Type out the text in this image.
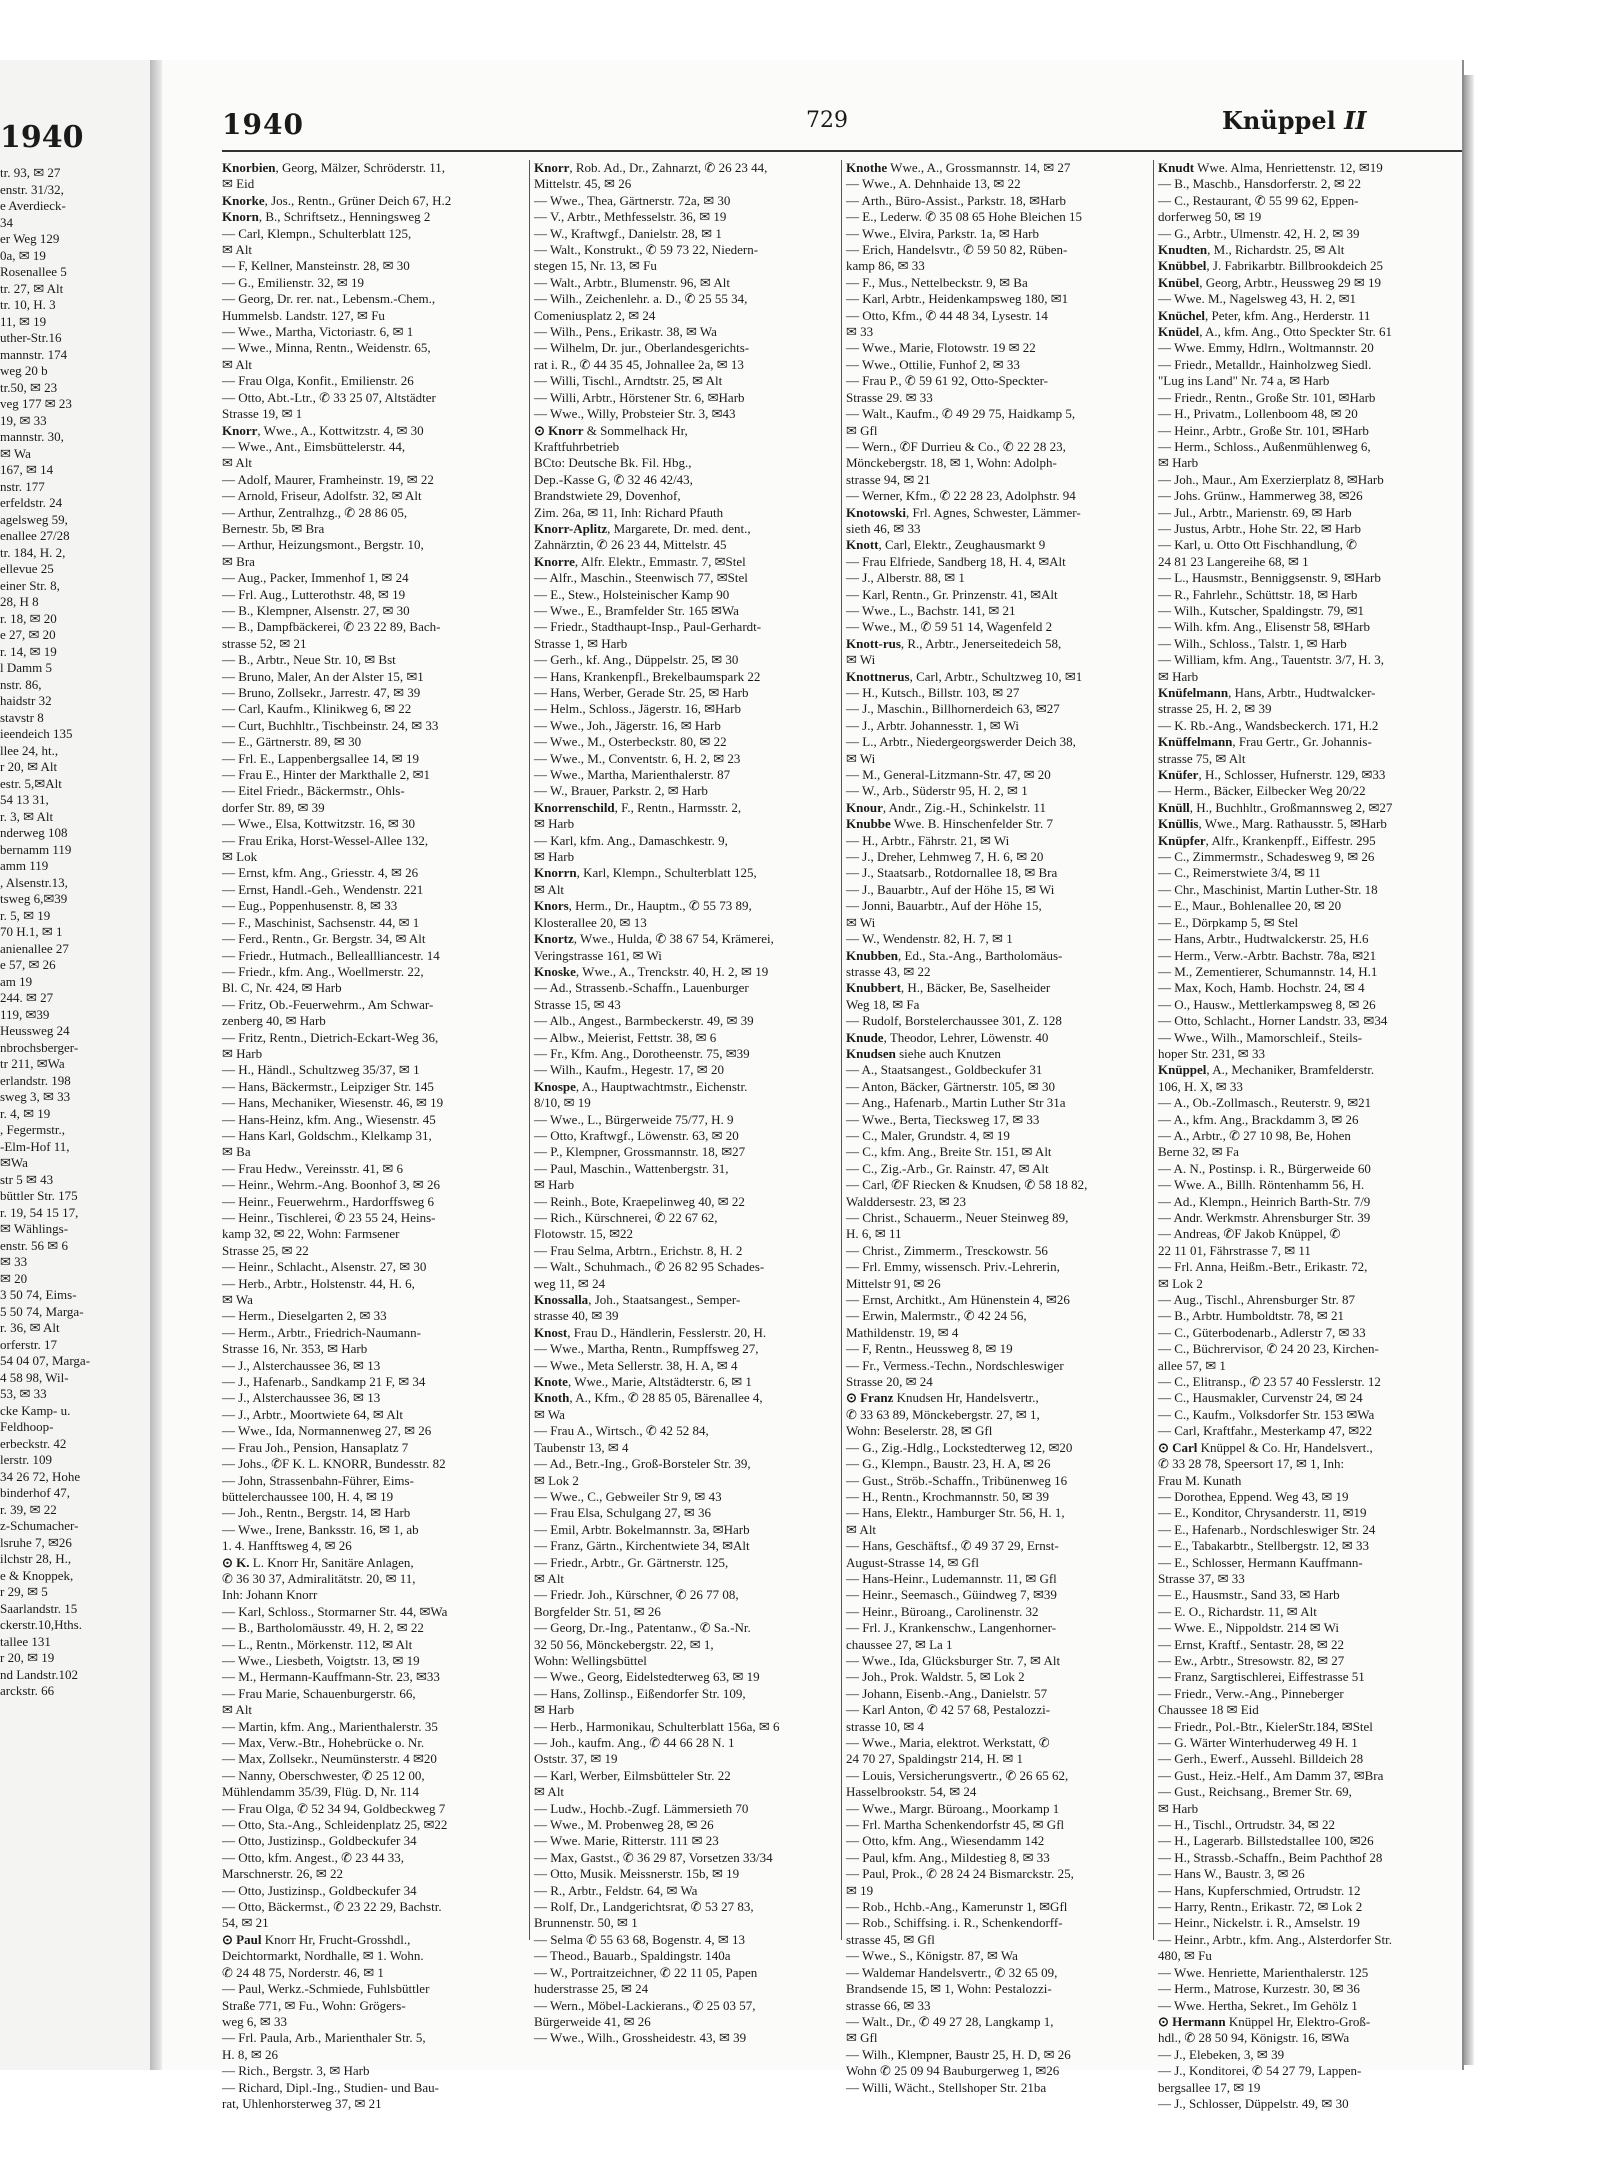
1940
tr. 93, ✉ 27
enstr. 31/32,
e Averdieck-
34
er Weg 129
0a, ✉ 19
Rosenallee 5
tr. 27, ✉ Alt
tr. 10, H. 3
11, ✉ 19
uther-Str.16
mannstr. 174
weg 20 b
tr.50, ✉ 23
veg 177 ✉ 23
19, ✉ 33
mannstr. 30,
✉ Wa
167, ✉ 14
nstr. 177
erfeldstr. 24
agelsweg 59,
enallee 27/28
tr. 184, H. 2,
ellevue 25
einer Str. 8,
28, H 8
r. 18, ✉ 20
e 27, ✉ 20
r. 14, ✉ 19
l Damm 5
nstr. 86,
haidstr 32
stavstr 8
ieendeich 135
llee 24, ht.,
r 20, ✉ Alt
estr. 5,✉Alt
54 13 31,
r. 3, ✉ Alt
nderweg 108
bernamm 119
amm 119
, Alsenstr.13,
tsweg 6,✉39
r. 5, ✉ 19
70 H.1, ✉ 1
anienallee 27
e 57, ✉ 26
am 19
244. ✉ 27
119, ✉39
Heussweg 24
nbrochsberger-
tr 211, ✉Wa
erlandstr. 198
sweg 3, ✉ 33
r. 4, ✉ 19
, Fegermstr.,
-Elm-Hof 11,
✉Wa
str 5 ✉ 43
büttler Str. 175
r. 19, 54 15 17,
✉ Wählings-
enstr. 56 ✉ 6
✉ 33
✉ 20
3 50 74, Eims-
5 50 74, Marga-
r. 36, ✉ Alt
orferstr. 17
54 04 07, Marga-
4 58 98, Wil-
53, ✉ 33
cke Kamp- u.
Feldhoop-
erbeckstr. 42
lerstr. 109
34 26 72, Hohe
binderhof 47,
r. 39, ✉ 22
z-Schumacher-
lsruhe 7, ✉26
ilchstr 28, H.,
e & Knoppek,
r 29, ✉ 5
Saarlandstr. 15
ckerstr.10,Hths.
tallee 131
r 20, ✉ 19
nd Landstr.102
arckstr. 66
1940	729	Knüppel II
Knorbien, Georg, Mälzer, Schröderstr. 11,
✉ Eid
Knorke, Jos., Rentn., Grüner Deich 67, H.2
Knorn, B., Schriftsetz., Henningsweg 2
— Carl, Klempn., Schulterblatt 125,
✉ Alt
— F, Kellner, Mansteinstr. 28, ✉ 30
— G., Emilienstr. 32, ✉ 19
— Georg, Dr. rer. nat., Lebensm.-Chem.,
Hummelsb. Landstr. 127, ✉ Fu
— Wwe., Martha, Victoriastr. 6, ✉ 1
— Wwe., Minna, Rentn., Weidenstr. 65,
✉ Alt
— Frau Olga, Konfit., Emilienstr. 26
— Otto, Abt.-Ltr., ✆ 33 25 07, Altstädter
Strasse 19, ✉ 1
Knorr, Wwe., A., Kottwitzstr. 4, ✉ 30
— Wwe., Ant., Eimsbüttelerstr. 44,
✉ Alt
— Adolf, Maurer, Framheinstr. 19, ✉ 22
— Arnold, Friseur, Adolfstr. 32, ✉ Alt
— Arthur, Zentralhzg., ✆ 28 86 05,
Bernestr. 5b, ✉ Bra
— Arthur, Heizungsmont., Bergstr. 10,
✉ Bra
— Aug., Packer, Immenhof 1, ✉ 24
— Frl. Aug., Lutterothstr. 48, ✉ 19
— B., Klempner, Alsenstr. 27, ✉ 30
— B., Dampfbäckerei, ✆ 23 22 89, Bach-
strasse 52, ✉ 21
— B., Arbtr., Neue Str. 10, ✉ Bst
— Bruno, Maler, An der Alster 15, ✉1
— Bruno, Zollsekr., Jarrestr. 47, ✉ 39
— Carl, Kaufm., Klinikweg 6, ✉ 22
— Curt, Buchhltr., Tischbeinstr. 24, ✉ 33
— E., Gärtnerstr. 89, ✉ 30
— Frl. E., Lappenbergsallee 14, ✉ 19
— Frau E., Hinter der Markthalle 2, ✉1
— Eitel Friedr., Bäckermstr., Ohls-
dorfer Str. 89, ✉ 39
— Wwe., Elsa, Kottwitzstr. 16, ✉ 30
— Frau Erika, Horst-Wessel-Allee 132,
✉ Lok
— Ernst, kfm. Ang., Griesstr. 4, ✉ 26
— Ernst, Handl.-Geh., Wendenstr. 221
— Eug., Poppenhusenstr. 8, ✉ 33
— F., Maschinist, Sachsenstr. 44, ✉ 1
— Ferd., Rentn., Gr. Bergstr. 34, ✉ Alt
— Friedr., Hutmach., Belleallliancestr. 14
— Friedr., kfm. Ang., Woellmerstr. 22,
Bl. C, Nr. 424, ✉ Harb
— Fritz, Ob.-Feuerwehrm., Am Schwar-
zenberg 40, ✉ Harb
— Fritz, Rentn., Dietrich-Eckart-Weg 36,
✉ Harb
— H., Händl., Schultzweg 35/37, ✉ 1
— Hans, Bäckermstr., Leipziger Str. 145
— Hans, Mechaniker, Wiesenstr. 46, ✉ 19
— Hans-Heinz, kfm. Ang., Wiesenstr. 45
— Hans Karl, Goldschm., Klelkamp 31,
✉ Ba
— Frau Hedw., Vereinsstr. 41, ✉ 6
— Heinr., Wehrm.-Ang. Boonhof 3, ✉ 26
— Heinr., Feuerwehrm., Hardorffsweg 6
— Heinr., Tischlerei, ✆ 23 55 24, Heins-
kamp 32, ✉ 22, Wohn: Farmsener
Strasse 25, ✉ 22
— Heinr., Schlacht., Alsenstr. 27, ✉ 30
— Herb., Arbtr., Holstenstr. 44, H. 6,
✉ Wa
— Herm., Dieselgarten 2, ✉ 33
— Herm., Arbtr., Friedrich-Naumann-
Strasse 16, Nr. 353, ✉ Harb
— J., Alsterchaussee 36, ✉ 13
— J., Hafenarb., Sandkamp 21 F, ✉ 34
— J., Alsterchaussee 36, ✉ 13
— J., Arbtr., Moortwiete 64, ✉ Alt
— Wwe., Ida, Normannenweg 27, ✉ 26
— Frau Joh., Pension, Hansaplatz 7
— Johs., ✆F K. L. KNORR, Bundesstr. 82
— John, Strassenbahn-Führer, Eims-
büttelerchaussee 100, H. 4, ✉ 19
— Joh., Rentn., Bergstr. 14, ✉ Harb
— Wwe., Irene, Banksstr. 16, ✉ 1, ab
1. 4. Hanfftsweg 4, ✉ 26
⊙ K. L. Knorr Hr, Sanitäre Anlagen,
✆ 36 30 37, Admiralitätstr. 20, ✉ 11,
Inh: Johann Knorr
— Karl, Schloss., Stormarner Str. 44, ✉Wa
— B., Bartholomäusstr. 49, H. 2, ✉ 22
— L., Rentn., Mörkenstr. 112, ✉ Alt
— Wwe., Liesbeth, Voigtstr. 13, ✉ 19
— M., Hermann-Kauffmann-Str. 23, ✉33
— Frau Marie, Schauenburgerstr. 66,
✉ Alt
— Martin, kfm. Ang., Marienthalerstr. 35
— Max, Verw.-Btr., Hohebrücke o. Nr.
— Max, Zollsekr., Neumünsterstr. 4 ✉20
— Nanny, Oberschwester, ✆ 25 12 00,
Mühlendamm 35/39, Flüg. D, Nr. 114
— Frau Olga, ✆ 52 34 94, Goldbeckweg 7
— Otto, Sta.-Ang., Schleidenplatz 25, ✉22
— Otto, Justizinsp., Goldbeckufer 34
— Otto, kfm. Angest., ✆ 23 44 33,
Marschnerstr. 26, ✉ 22
— Otto, Justizinsp., Goldbeckufer 34
— Otto, Bäckermst., ✆ 23 22 29, Bachstr.
54, ✉ 21
⊙ Paul Knorr Hr, Frucht-Grosshdl.,
Deichtormarkt, Nordhalle, ✉ 1. Wohn.
✆ 24 48 75, Norderstr. 46, ✉ 1
— Paul, Werkz.-Schmiede, Fuhlsbüttler
Straße 771, ✉ Fu., Wohn: Grögers-
weg 6, ✉ 33
— Frl. Paula, Arb., Marienthaler Str. 5,
H. 8, ✉ 26
— Rich., Bergstr. 3, ✉ Harb
— Richard, Dipl.-Ing., Studien- und Bau-
rat, Uhlenhorsterweg 37, ✉ 21
Knorr, Rob. Ad., Dr., Zahnarzt, ✆ 26 23 44,
Mittelstr. 45, ✉ 26
— Wwe., Thea, Gärtnerstr. 72a, ✉ 30
— V., Arbtr., Methfesselstr. 36, ✉ 19
— W., Kraftwgf., Danielstr. 28, ✉ 1
— Walt., Konstrukt., ✆ 59 73 22, Niedern-
stegen 15, Nr. 13, ✉ Fu
— Walt., Arbtr., Blumenstr. 96, ✉ Alt
— Wilh., Zeichenlehr. a. D., ✆ 25 55 34,
Comeniusplatz 2, ✉ 24
— Wilh., Pens., Erikastr. 38, ✉ Wa
— Wilhelm, Dr. jur., Oberlandesgerichts-
rat i. R., ✆ 44 35 45, Johnallee 2a, ✉ 13
— Willi, Tischl., Arndtstr. 25, ✉ Alt
— Willi, Arbtr., Hörstener Str. 6, ✉Harb
— Wwe., Willy, Probsteier Str. 3, ✉43
⊙ Knorr & Sommelhack Hr,
Kraftfuhrbetrieb
BCto: Deutsche Bk. Fil. Hbg.,
Dep.-Kasse G, ✆ 32 46 42/43,
Brandstwiete 29, Dovenhof,
Zim. 26a, ✉ 11, Inh: Richard Pfauth
Knorr-Aplitz, Margarete, Dr. med. dent.,
Zahnärztin, ✆ 26 23 44, Mittelstr. 45
Knorre, Alfr. Elektr., Emmastr. 7, ✉Stel
— Alfr., Maschin., Steenwisch 77, ✉Stel
— E., Stew., Holsteinischer Kamp 90
— Wwe., E., Bramfelder Str. 165 ✉Wa
— Friedr., Stadthaupt-Insp., Paul-Gerhardt-
Strasse 1, ✉ Harb
— Gerh., kf. Ang., Düppelstr. 25, ✉ 30
— Hans, Krankenpfl., Brekelbaumspark 22
— Hans, Werber, Gerade Str. 25, ✉ Harb
— Helm., Schloss., Jägerstr. 16, ✉Harb
— Wwe., Joh., Jägerstr. 16, ✉ Harb
— Wwe., M., Osterbeckstr. 80, ✉ 22
— Wwe., M., Conventstr. 6, H. 2, ✉ 23
— Wwe., Martha, Marienthalerstr. 87
— W., Brauer, Parkstr. 2, ✉ Harb
Knorrenschild, F., Rentn., Harmsstr. 2,
✉ Harb
— Karl, kfm. Ang., Damaschkestr. 9,
✉ Harb
Knorrn, Karl, Klempn., Schulterblatt 125,
✉ Alt
Knors, Herm., Dr., Hauptm., ✆ 55 73 89,
Klosterallee 20, ✉ 13
Knortz, Wwe., Hulda, ✆ 38 67 54, Krämerei,
Veringstrasse 161, ✉ Wi
Knoske, Wwe., A., Trenckstr. 40, H. 2, ✉ 19
— Ad., Strassenb.-Schaffn., Lauenburger
Strasse 15, ✉ 43
— Alb., Angest., Barmbeckerstr. 49, ✉ 39
— Albw., Meierist, Fettstr. 38, ✉ 6
— Fr., Kfm. Ang., Dorotheenstr. 75, ✉39
— Wilh., Kaufm., Hegestr. 17, ✉ 20
Knospe, A., Hauptwachtmstr., Eichenstr.
8/10, ✉ 19
— Wwe., L., Bürgerweide 75/77, H. 9
— Otto, Kraftwgf., Löwenstr. 63, ✉ 20
— P., Klempner, Grossmannstr. 18, ✉27
— Paul, Maschin., Wattenbergstr. 31,
✉ Harb
— Reinh., Bote, Kraepelinweg 40, ✉ 22
— Rich., Kürschnerei, ✆ 22 67 62,
Flotowstr. 15, ✉22
— Frau Selma, Arbtrn., Erichstr. 8, H. 2
— Walt., Schuhmach., ✆ 26 82 95 Schades-
weg 11, ✉ 24
Knossalla, Joh., Staatsangest., Semper-
strasse 40, ✉ 39
Knost, Frau D., Händlerin, Fesslerstr. 20, H.
— Wwe., Martha, Rentn., Rumpffsweg 27,
— Wwe., Meta Sellerstr. 38, H. A, ✉ 4
Knote, Wwe., Marie, Altstädterstr. 6, ✉ 1
Knoth, A., Kfm., ✆ 28 85 05, Bärenallee 4,
✉ Wa
— Frau A., Wirtsch., ✆ 42 52 84,
Taubenstr 13, ✉ 4
— Ad., Betr.-Ing., Groß-Borsteler Str. 39,
✉ Lok 2
— Wwe., C., Gebweiler Str 9, ✉ 43
— Frau Elsa, Schulgang 27, ✉ 36
— Emil, Arbtr. Bokelmannstr. 3a, ✉Harb
— Franz, Gärtn., Kirchentwiete 34, ✉Alt
— Friedr., Arbtr., Gr. Gärtnerstr. 125,
✉ Alt
— Friedr. Joh., Kürschner, ✆ 26 77 08,
Borgfelder Str. 51, ✉ 26
— Georg, Dr.-Ing., Patentanw., ✆ Sa.-Nr.
32 50 56, Mönckebergstr. 22, ✉ 1,
Wohn: Wellingsbüttel
— Wwe., Georg, Eidelstedterweg 63, ✉ 19
— Hans, Zollinsp., Eißendorfer Str. 109,
✉ Harb
— Herb., Harmonikau, Schulterblatt 156a, ✉ 6
— Joh., kaufm. Ang., ✆ 44 66 28 N. 1
Oststr. 37, ✉ 19
— Karl, Werber, Eilmsbütteler Str. 22
✉ Alt
— Ludw., Hochb.-Zugf. Lämmersieth 70
— Wwe., M. Probenweg 28, ✉ 26
— Wwe. Marie, Ritterstr. 111 ✉ 23
— Max, Gastst., ✆ 36 29 87, Vorsetzen 33/34
— Otto, Musik. Meissnerstr. 15b, ✉ 19
— R., Arbtr., Feldstr. 64, ✉ Wa
— Rolf, Dr., Landgerichtsrat, ✆ 53 27 83,
Brunnenstr. 50, ✉ 1
— Selma ✆ 55 63 68, Bogenstr. 4, ✉ 13
— Theod., Bauarb., Spaldingstr. 140a
— W., Portraitzeichner, ✆ 22 11 05, Papen
huderstrasse 25, ✉ 24
— Wern., Möbel-Lackierans., ✆ 25 03 57,
Bürgerweide 41, ✉ 26
— Wwe., Wilh., Grossheidestr. 43, ✉ 39
Knothe Wwe., A., Grossmannstr. 14, ✉ 27
— Wwe., A. Dehnhaide 13, ✉ 22
— Arth., Büro-Assist., Parkstr. 18, ✉Harb
— E., Lederw. ✆ 35 08 65 Hohe Bleichen 15
— Wwe., Elvira, Parkstr. 1a, ✉ Harb
— Erich, Handelsvtr., ✆ 59 50 82, Rüben-
kamp 86, ✉ 33
— F., Mus., Nettelbeckstr. 9, ✉ Ba
— Karl, Arbtr., Heidenkampsweg 180, ✉1
— Otto, Kfm., ✆ 44 48 34, Lysestr. 14
✉ 33
— Wwe., Marie, Flotowstr. 19 ✉ 22
— Wwe., Ottilie, Funhof 2, ✉ 33
— Frau P., ✆ 59 61 92, Otto-Speckter-
Strasse 29. ✉ 33
— Walt., Kaufm., ✆ 49 29 75, Haidkamp 5,
✉ Gfl
— Wern., ✆F Durrieu & Co., ✆ 22 28 23,
Mönckebergstr. 18, ✉ 1, Wohn: Adolph-
strasse 94, ✉ 21
— Werner, Kfm., ✆ 22 28 23, Adolphstr. 94
Knotowski, Frl. Agnes, Schwester, Lämmer-
sieth 46, ✉ 33
Knott, Carl, Elektr., Zeughausmarkt 9
— Frau Elfriede, Sandberg 18, H. 4, ✉Alt
— J., Alberstr. 88, ✉ 1
— Karl, Rentn., Gr. Prinzenstr. 41, ✉Alt
— Wwe., L., Bachstr. 141, ✉ 21
— Wwe., M., ✆ 59 51 14, Wagenfeld 2
Knott-rus, R., Arbtr., Jenerseitedeich 58,
✉ Wi
Knottnerus, Carl, Arbtr., Schultzweg 10, ✉1
— H., Kutsch., Billstr. 103, ✉ 27
— J., Maschin., Billhornerdeich 63, ✉27
— J., Arbtr. Johannesstr. 1, ✉ Wi
— L., Arbtr., Niedergeorgswerder Deich 38,
✉ Wi
— M., General-Litzmann-Str. 47, ✉ 20
— W., Arb., Süderstr 95, H. 2, ✉ 1
Knour, Andr., Zig.-H., Schinkelstr. 11
Knubbe Wwe. B. Hinschenfelder Str. 7
— H., Arbtr., Fährstr. 21, ✉ Wi
— J., Dreher, Lehmweg 7, H. 6, ✉ 20
— J., Staatsarb., Rotdornallee 18, ✉ Bra
— J., Bauarbtr., Auf der Höhe 15, ✉ Wi
— Jonni, Bauarbtr., Auf der Höhe 15,
✉ Wi
— W., Wendenstr. 82, H. 7, ✉ 1
Knubben, Ed., Sta.-Ang., Bartholomäus-
strasse 43, ✉ 22
Knubbert, H., Bäcker, Be, Saselheider
Weg 18, ✉ Fa
— Rudolf, Borstelerchaussee 301, Z. 128
Knude, Theodor, Lehrer, Löwenstr. 40
Knudsen siehe auch Knutzen
— A., Staatsangest., Goldbeckufer 31
— Anton, Bäcker, Gärtnerstr. 105, ✉ 30
— Ang., Hafenarb., Martin Luther Str 31a
— Wwe., Berta, Tiecksweg 17, ✉ 33
— C., Maler, Grundstr. 4, ✉ 19
— C., kfm. Ang., Breite Str. 151, ✉ Alt
— C., Zig.-Arb., Gr. Rainstr. 47, ✉ Alt
— Carl, ✆F Riecken & Knudsen, ✆ 58 18 82,
Walddersestr. 23, ✉ 23
— Christ., Schauerm., Neuer Steinweg 89,
H. 6, ✉ 11
— Christ., Zimmerm., Tresckowstr. 56
— Frl. Emmy, wissensch. Priv.-Lehrerin,
Mittelstr 91, ✉ 26
— Ernst, Architkt., Am Hünenstein 4, ✉26
— Erwin, Malermstr., ✆ 42 24 56,
Mathildenstr. 19, ✉ 4
— F, Rentn., Heussweg 8, ✉ 19
— Fr., Vermess.-Techn., Nordschleswiger
Strasse 20, ✉ 24
⊙ Franz Knudsen Hr, Handelsvertr.,
✆ 33 63 89, Mönckebergstr. 27, ✉ 1,
Wohn: Beselerstr. 28, ✉ Gfl
— G., Zig.-Hdlg., Lockstedterweg 12, ✉20
— G., Klempn., Baustr. 23, H. A, ✉ 26
— Gust., Ströb.-Schaffn., Tribünenweg 16
— H., Rentn., Krochmannstr. 50, ✉ 39
— Hans, Elektr., Hamburger Str. 56, H. 1,
✉ Alt
— Hans, Geschäftsf., ✆ 49 37 29, Ernst-
August-Strasse 14, ✉ Gfl
— Hans-Heinr., Ludemannstr. 11, ✉ Gfl
— Heinr., Seemasch., Güindweg 7, ✉39
— Heinr., Büroang., Carolinenstr. 32
— Frl. J., Krankenschw., Langenhorner-
chaussee 27, ✉ La 1
— Wwe., Ida, Glücksburger Str. 7, ✉ Alt
— Joh., Prok. Waldstr. 5, ✉ Lok 2
— Johann, Eisenb.-Ang., Danielstr. 57
— Karl Anton, ✆ 42 57 68, Pestalozzi-
strasse 10, ✉ 4
— Wwe., Maria, elektrot. Werkstatt, ✆
24 70 27, Spaldingstr 214, H. ✉ 1
— Louis, Versicherungsvertr., ✆ 26 65 62,
Hasselbrookstr. 54, ✉ 24
— Wwe., Margr. Büroang., Moorkamp 1
— Frl. Martha Schenkendorfstr 45, ✉ Gfl
— Otto, kfm. Ang., Wiesendamm 142
— Paul, kfm. Ang., Mildestieg 8, ✉ 33
— Paul, Prok., ✆ 28 24 24 Bismarckstr. 25,
✉ 19
— Rob., Hchb.-Ang., Kamerunstr 1, ✉Gfl
— Rob., Schiffsing. i. R., Schenkendorff-
strasse 45, ✉ Gfl
— Wwe., S., Königstr. 87, ✉ Wa
— Waldemar Handelsvertr., ✆ 32 65 09,
Brandsende 15, ✉ 1, Wohn: Pestalozzi-
strasse 66, ✉ 33
— Walt., Dr., ✆ 49 27 28, Langkamp 1,
✉ Gfl
— Wilh., Klempner, Baustr 25, H. D, ✉ 26
Wohn ✆ 25 09 94 Bauburgerweg 1, ✉26
— Willi, Wächt., Stellshoper Str. 21ba
Knudt Wwe. Alma, Henriettenstr. 12, ✉19
— B., Maschb., Hansdorferstr. 2, ✉ 22
— C., Restaurant, ✆ 55 99 62, Eppen-
dorferweg 50, ✉ 19
— G., Arbtr., Ulmenstr. 42, H. 2, ✉ 39
Knudten, M., Richardstr. 25, ✉ Alt
Knübbel, J. Fabrikarbtr. Billbrookdeich 25
Knübel, Georg, Arbtr., Heussweg 29 ✉ 19
— Wwe. M., Nagelsweg 43, H. 2, ✉1
Knüchel, Peter, kfm. Ang., Herderstr. 11
Knüdel, A., kfm. Ang., Otto Speckter Str. 61
— Wwe. Emmy, Hdlrn., Woltmannstr. 20
— Friedr., Metalldr., Hainholzweg Siedl.
"Lug ins Land" Nr. 74 a, ✉ Harb
— Friedr., Rentn., Große Str. 101, ✉Harb
— H., Privatm., Lollenboom 48, ✉ 20
— Heinr., Arbtr., Große Str. 101, ✉Harb
— Herm., Schloss., Außenmühlenweg 6,
✉ Harb
— Joh., Maur., Am Exerzierplatz 8, ✉Harb
— Johs. Grünw., Hammerweg 38, ✉26
— Jul., Arbtr., Marienstr. 69, ✉ Harb
— Justus, Arbtr., Hohe Str. 22, ✉ Harb
— Karl, u. Otto Ott Fischhandlung, ✆
24 81 23 Langereihe 68, ✉ 1
— L., Hausmstr., Benniggsenstr. 9, ✉Harb
— R., Fahrlehr., Schüttstr. 18, ✉ Harb
— Wilh., Kutscher, Spaldingstr. 79, ✉1
— Wilh. kfm. Ang., Elisenstr 58, ✉Harb
— Wilh., Schloss., Talstr. 1, ✉ Harb
— William, kfm. Ang., Tauentstr. 3/7, H. 3,
✉ Harb
Knüfelmann, Hans, Arbtr., Hudtwalcker-
strasse 25, H. 2, ✉ 39
— K. Rb.-Ang., Wandsbeckerch. 171, H.2
Knüffelmann, Frau Gertr., Gr. Johannis-
strasse 75, ✉ Alt
Knüfer, H., Schlosser, Hufnerstr. 129, ✉33
— Herm., Bäcker, Eilbecker Weg 20/22
Knüll, H., Buchhltr., Großmannsweg 2, ✉27
Knüllis, Wwe., Marg. Rathausstr. 5, ✉Harb
Knüpfer, Alfr., Krankenpff., Eiffestr. 295
— C., Zimmermstr., Schadesweg 9, ✉ 26
— C., Reimerstwiete 3/4, ✉ 11
— Chr., Maschinist, Martin Luther-Str. 18
— E., Maur., Bohlenallee 20, ✉ 20
— E., Dörpkamp 5, ✉ Stel
— Hans, Arbtr., Hudtwalckerstr. 25, H.6
— Herm., Verw.-Arbtr. Bachstr. 78a, ✉21
— M., Zementierer, Schumannstr. 14, H.1
— Max, Koch, Hamb. Hochstr. 24, ✉ 4
— O., Hausw., Mettlerkampsweg 8, ✉ 26
— Otto, Schlacht., Horner Landstr. 33, ✉34
— Wwe., Wilh., Mamorschleif., Steils-
hoper Str. 231, ✉ 33
Knüppel, A., Mechaniker, Bramfelderstr.
106, H. X, ✉ 33
— A., Ob.-Zollmasch., Reuterstr. 9, ✉21
— A., kfm. Ang., Brackdamm 3, ✉ 26
— A., Arbtr., ✆ 27 10 98, Be, Hohen
Berne 32, ✉ Fa
— A. N., Postinsp. i. R., Bürgerweide 60
— Wwe. A., Billh. Röntenhamm 56, H.
— Ad., Klempn., Heinrich Barth-Str. 7/9
— Andr. Werkmstr. Ahrensburger Str. 39
— Andreas, ✆F Jakob Knüppel, ✆
22 11 01, Fährstrasse 7, ✉ 11
— Frl. Anna, Heißm.-Betr., Erikastr. 72,
✉ Lok 2
— Aug., Tischl., Ahrensburger Str. 87
— B., Arbtr. Humboldtstr. 78, ✉ 21
— C., Güterbodenarb., Adlerstr 7, ✉ 33
— C., Büchrervisor, ✆ 24 20 23, Kirchen-
allee 57, ✉ 1
— C., Elitransp., ✆ 23 57 40 Fesslerstr. 12
— C., Hausmakler, Curvenstr 24, ✉ 24
— C., Kaufm., Volksdorfer Str. 153 ✉Wa
— Carl, Kraftfahr., Mesterkamp 47, ✉22
⊙ Carl Knüppel & Co. Hr, Handelsvert.,
✆ 33 28 78, Speersort 17, ✉ 1, Inh:
Frau M. Kunath
— Dorothea, Eppend. Weg 43, ✉ 19
— E., Konditor, Chrysanderstr. 11, ✉19
— E., Hafenarb., Nordschleswiger Str. 24
— E., Tabakarbtr., Stellbergstr. 12, ✉ 33
— E., Schlosser, Hermann Kauffmann-
Strasse 37, ✉ 33
— E., Hausmstr., Sand 33, ✉ Harb
— E. O., Richardstr. 11, ✉ Alt
— Wwe. E., Nippoldstr. 214 ✉ Wi
— Ernst, Kraftf., Sentastr. 28, ✉ 22
— Ew., Arbtr., Stresowstr. 82, ✉ 27
— Franz, Sargtischlerei, Eiffestrasse 51
— Friedr., Verw.-Ang., Pinneberger
Chaussee 18 ✉ Eid
— Friedr., Pol.-Btr., KielerStr.184, ✉Stel
— G. Wärter Winterhuderweg 49 H. 1
— Gerh., Ewerf., Aussehl. Billdeich 28
— Gust., Heiz.-Helf., Am Damm 37, ✉Bra
— Gust., Reichsang., Bremer Str. 69,
✉ Harb
— H., Tischl., Ortrudstr. 34, ✉ 22
— H., Lagerarb. Billstedstallee 100, ✉26
— H., Strassb.-Schaffn., Beim Pachthof 28
— Hans W., Baustr. 3, ✉ 26
— Hans, Kupferschmied, Ortrudstr. 12
— Harry, Rentn., Erikastr. 72, ✉ Lok 2
— Heinr., Nickelstr. i. R., Amselstr. 19
— Heinr., Arbtr., kfm. Ang., Alsterdorfer Str.
480, ✉ Fu
— Wwe. Henriette, Marienthalerstr. 125
— Herm., Matrose, Kurzestr. 30, ✉ 36
— Wwe. Hertha, Sekret., Im Gehölz 1
⊙ Hermann Knüppel Hr, Elektro-Groß-
hdl., ✆ 28 50 94, Königstr. 16, ✉Wa
— J., Elebeken, 3, ✉ 39
— J., Konditorei, ✆ 54 27 79, Lappen-
bergsallee 17, ✉ 19
— J., Schlosser, Düppelstr. 49, ✉ 30
